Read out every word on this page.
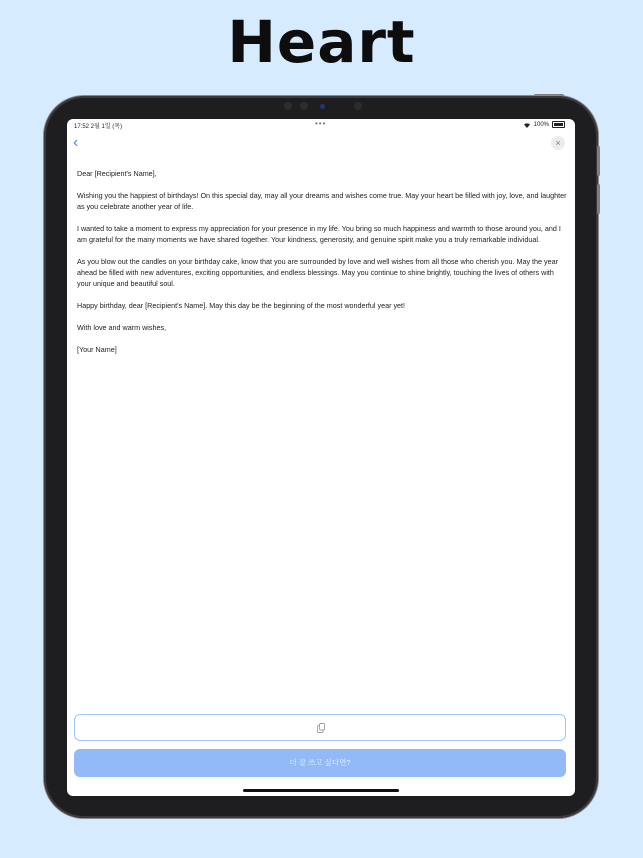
Heart
17:52 2월 1일 (목)	•••	100%
‹	×

Dear [Recipient's Name],

Wishing you the happiest of birthdays! On this special day, may all your dreams and wishes come true. May your heart be filled with joy, love, and laughter as you celebrate another year of life.

I wanted to take a moment to express my appreciation for your presence in my life. You bring so much happiness and warmth to those around you, and I am grateful for the many moments we have shared together. Your kindness, generosity, and genuine spirit make you a truly remarkable individual.

As you blow out the candles on your birthday cake, know that you are surrounded by love and well wishes from all those who cherish you. May the year ahead be filled with new adventures, exciting opportunities, and endless blessings. May you continue to shine brightly, touching the lives of others with your unique and beautiful soul.

Happy birthday, dear [Recipient's Name]. May this day be the beginning of the most wonderful year yet!

With love and warm wishes,

[Your Name]

더 잘 쓰고 싶다면?
